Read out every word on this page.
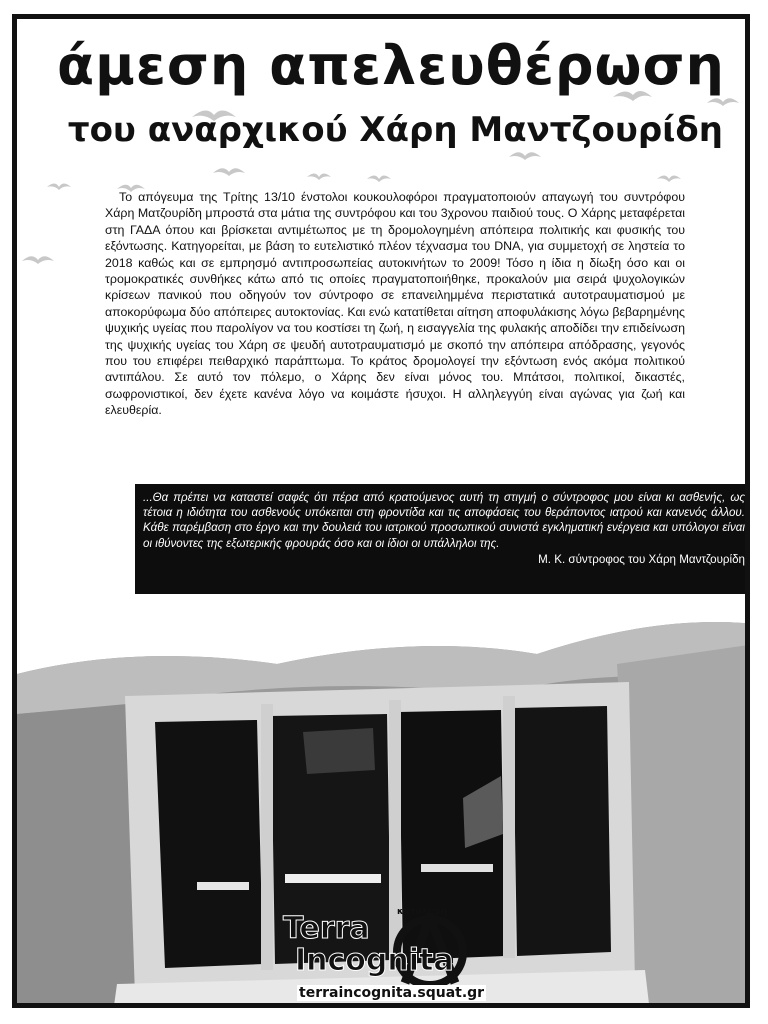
άμεση απελευθέρωση
του αναρχικού Χάρη Μαντζουρίδη

Το απόγευμα της Τρίτης 13/10 ένστολοι κουκουλοφόροι πραγματοποιούν απαγωγή του συντρόφου Χάρη Ματζουρίδη μπροστά στα μάτια της συντρόφου και του 3χρονου παιδιού τους. Ο Χάρης μεταφέρεται στη ΓΑΔΑ όπου και βρίσκεται αντιμέτωπος με τη δρομολογημένη απόπειρα πολιτικής και φυσικής του εξόντωσης. Κατηγορείται, με βάση το ευτελιστικό πλέον τέχνασμα του DNA, για συμμετοχή σε ληστεία το 2018 καθώς και σε εμπρησμό αντιπροσωπείας αυτοκινήτων το 2009! Τόσο η ίδια η δίωξη όσο και οι τρομοκρατικές συνθήκες κάτω από τις οποίες πραγματοποιήθηκε, προκαλούν μια σειρά ψυχολογικών κρίσεων πανικού που οδηγούν τον σύντροφο σε επανειλημμένα περιστατικά αυτοτραυματισμού με αποκορύφωμα δύο απόπειρες αυτοκτονίας. Και ενώ κατατίθεται αίτηση αποφυλάκισης λόγω βεβαρημένης ψυχικής υγείας που παρολίγον να του κοστίσει τη ζωή, η εισαγγελία της φυλακής αποδίδει την επιδείνωση της ψυχικής υγείας του Χάρη σε ψευδή αυτοτραυματισμό με σκοπό την απόπειρα απόδρασης, γεγονός που του επιφέρει πειθαρχικό παράπτωμα. Το κράτος δρομολογεί την εξόντωση ενός ακόμα πολιτικού αντιπάλου. Σε αυτό τον πόλεμο, ο Χάρης δεν είναι μόνος του. Μπάτσοι, πολιτικοί, δικαστές, σωφρονιστικοί, δεν έχετε κανένα λόγο να κοιμάστε ήσυχοι. Η αλληλεγγύη είναι αγώνας για ζωή και ελευθερία.

...Θα πρέπει να καταστεί σαφές ότι πέρα από κρατούμενος αυτή τη στιγμή ο σύντροφος μου είναι κι ασθενής, ως τέτοια η ιδιότητα του ασθενούς υπόκειται στη φροντίδα και τις αποφάσεις του θεράποντος ιατρού και κανενός άλλου. Κάθε παρέμβαση στο έργο και την δουλειά του ιατρικού προσωπικού συνιστά εγκληματική ενέργεια και υπόλογοι είναι οι ιθύνοντες της εξωτερικής φρουράς όσο και οι ίδιοι οι υπάλληλοι της.

Μ. Κ. σύντροφος του Χάρη Μαντζουρίδη

κατάληψη
Terra
Incognita
terraincognita.squat.gr
